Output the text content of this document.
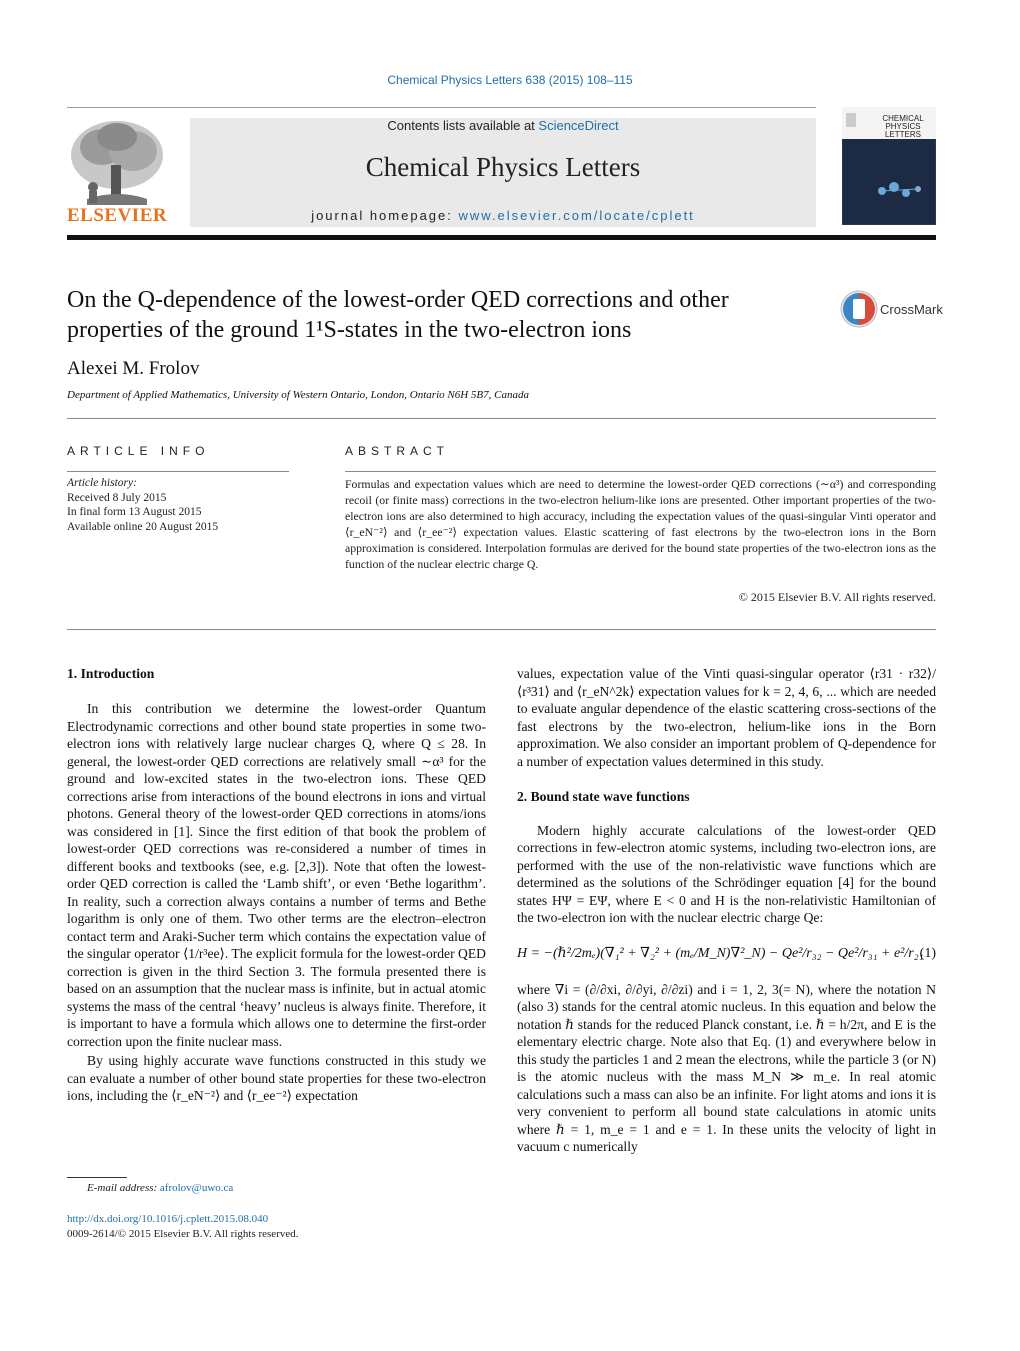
Chemical Physics Letters 638 (2015) 108–115
ELSEVIER
Contents lists available at ScienceDirect
Chemical Physics Letters
journal homepage: www.elsevier.com/locate/cplett
CHEMICAL
PHYSICS
LETTERS
On the Q-dependence of the lowest-order QED corrections and other
properties of the ground 1¹S-states in the two-electron ions
CrossMark
Alexei M. Frolov
Department of Applied Mathematics, University of Western Ontario, London, Ontario N6H 5B7, Canada
ARTICLE INFO	ABSTRACT
Article history:
Received 8 July 2015
In final form 13 August 2015
Available online 20 August 2015
Formulas and expectation values which are need to determine the lowest-order QED corrections (∼α³) and corresponding recoil (or finite mass) corrections in the two-electron helium-like ions are presented. Other important properties of the two-electron ions are also determined to high accuracy, including the expectation values of the quasi-singular Vinti operator and ⟨r_eN⁻²⟩ and ⟨r_ee⁻²⟩ expectation values. Elastic scattering of fast electrons by the two-electron ions in the Born approximation is considered. Interpolation formulas are derived for the bound state properties of the two-electron ions as the function of the nuclear electric charge Q.
© 2015 Elsevier B.V. All rights reserved.
1. Introduction

In this contribution we determine the lowest-order Quantum Electrodynamic corrections and other bound state properties in some two-electron ions with relatively large nuclear charges Q, where Q ≤ 28. In general, the lowest-order QED corrections are relatively small ∼α³ for the ground and low-excited states in the two-electron ions. These QED corrections arise from interactions of the bound electrons in ions and virtual photons. General theory of the lowest-order QED corrections in atoms/ions was considered in [1]. Since the first edition of that book the problem of lowest-order QED corrections was re-considered a number of times in different books and textbooks (see, e.g. [2,3]). Note that often the lowest-order QED correction is called the ‘Lamb shift’, or even ‘Bethe logarithm’. In reality, such a correction always contains a number of terms and Bethe logarithm is only one of them. Two other terms are the electron–electron contact term and Araki-Sucher term which contains the expectation value of the singular operator ⟨1/r³ee⟩. The explicit formula for the lowest-order QED correction is given in the third Section 3. The formula presented there is based on an assumption that the nuclear mass is infinite, but in actual atomic systems the mass of the central ‘heavy’ nucleus is always finite. Therefore, it is important to have a formula which allows one to determine the first-order correction upon the finite nuclear mass.

By using highly accurate wave functions constructed in this study we can evaluate a number of other bound state properties for these two-electron ions, including the ⟨r_eN⁻²⟩ and ⟨r_ee⁻²⟩ expectation

values, expectation value of the Vinti quasi-singular operator ⟨r31 · r32⟩/⟨r³31⟩ and ⟨r_eN^2k⟩ expectation values for k = 2, 4, 6, ... which are needed to evaluate angular dependence of the elastic scattering cross-sections of the fast electrons by the two-electron, helium-like ions in the Born approximation. We also consider an important problem of Q-dependence for a number of expectation values determined in this study.

2. Bound state wave functions

Modern highly accurate calculations of the lowest-order QED corrections in few-electron atomic systems, including two-electron ions, are performed with the use of the non-relativistic wave functions which are determined as the solutions of the Schrödinger equation [4] for the bound states HΨ = EΨ, where E < 0 and H is the non-relativistic Hamiltonian of the two-electron ion with the nuclear electric charge Qe:

H = −(ℏ²/2mₑ)(∇₁² + ∇₂² + (mₑ/M_N)∇²_N) − Qe²/r₃₂ − Qe²/r₃₁ + e²/r₂₁
(1)

where ∇i = (∂/∂xi, ∂/∂yi, ∂/∂zi) and i = 1, 2, 3(= N), where the notation N (also 3) stands for the central atomic nucleus. In this equation and below the notation ℏ stands for the reduced Planck constant, i.e. ℏ = h/2π, and E is the elementary electric charge. Note also that Eq. (1) and everywhere below in this study the particles 1 and 2 mean the electrons, while the particle 3 (or N) is the atomic nucleus with the mass M_N ≫ m_e. In real atomic calculations such a mass can also be an infinite. For light atoms and ions it is very convenient to perform all bound state calculations in atomic units where ℏ = 1, m_e = 1 and e = 1. In these units the velocity of light in vacuum c numerically

E-mail address: afrolov@uwo.ca
http://dx.doi.org/10.1016/j.cplett.2015.08.040
0009-2614/© 2015 Elsevier B.V. All rights reserved.
